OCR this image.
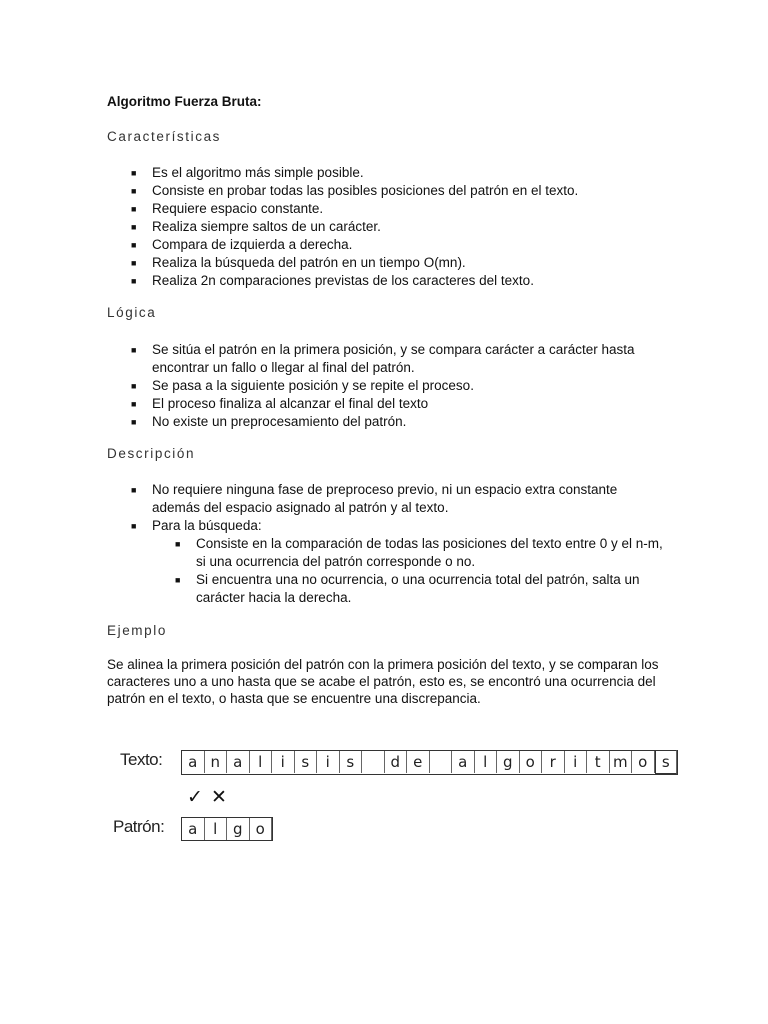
Algoritmo Fuerza Bruta:
Características
■ Es el algoritmo más simple posible.
■ Consiste en probar todas las posibles posiciones del patrón en el texto.
■ Requiere espacio constante.
■ Realiza siempre saltos de un carácter.
■ Compara de izquierda a derecha.
■ Realiza la búsqueda del patrón en un tiempo O(mn).
■ Realiza 2n comparaciones previstas de los caracteres del texto.
Lógica
■ Se sitúa el patrón en la primera posición, y se compara carácter a carácter hasta encontrar un fallo o llegar al final del patrón.
■ Se pasa a la siguiente posición y se repite el proceso.
■ El proceso finaliza al alcanzar el final del texto
■ No existe un preprocesamiento del patrón.
Descripción
■ No requiere ninguna fase de preproceso previo, ni un espacio extra constante además del espacio asignado al patrón y al texto.
■ Para la búsqueda:
■ Consiste en la comparación de todas las posiciones del texto entre 0 y el n-m, si una ocurrencia del patrón corresponde o no.
■ Si encuentra una no ocurrencia, o una ocurrencia total del patrón, salta un carácter hacia la derecha.
Ejemplo
Se alinea la primera posición del patrón con la primera posición del texto, y se comparan los caracteres uno a uno hasta que se acabe el patrón, esto es, se encontró una ocurrencia del patrón en el texto, o hasta que se encuentre una discrepancia.
Texto:	a n a	l	i	s	i	s	d e	a	l	g o r	i	t m o s
✓ ✕
Patrón:	a	l	g o
